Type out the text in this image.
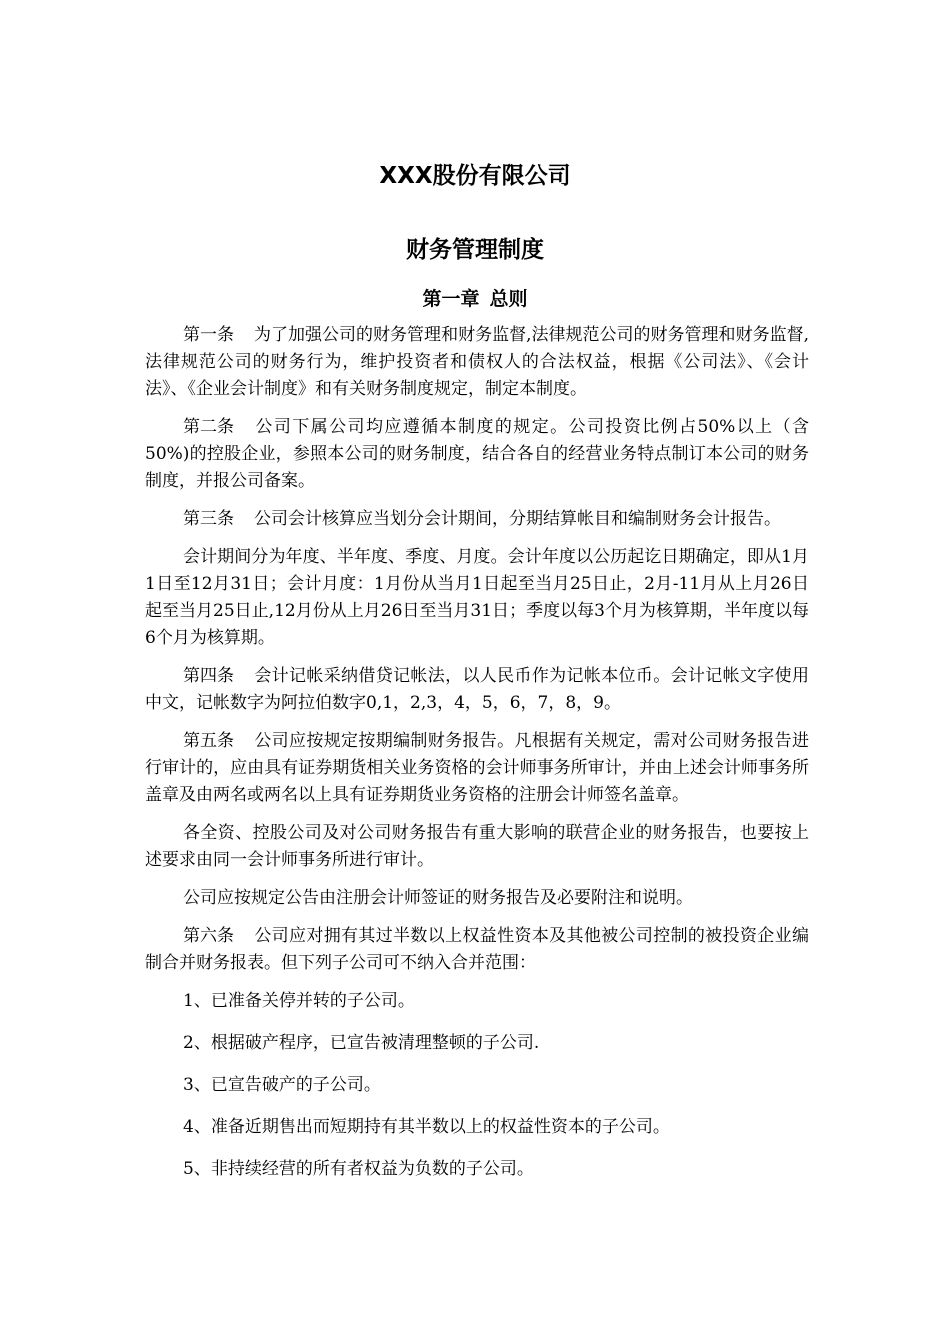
XXX股份有限公司
财务管理制度
第一章 总则

第一条 为了加强公司的财务管理和财务监督,法律规范公司的财务管理和财务监督,法律规范公司的财务行为，维护投资者和债权人的合法权益，根据《公司法》、《会计法》、《企业会计制度》和有关财务制度规定，制定本制度。

第二条 公司下属公司均应遵循本制度的规定。公司投资比例占50%以上（含50%)的控股企业，参照本公司的财务制度，结合各自的经营业务特点制订本公司的财务制度，并报公司备案。

第三条 公司会计核算应当划分会计期间，分期结算帐目和编制财务会计报告。

会计期间分为年度、半年度、季度、月度。会计年度以公历起讫日期确定，即从1月1日至12月31日；会计月度：1月份从当月1日起至当月25日止，2月-11月从上月26日起至当月25日止,12月份从上月26日至当月31日；季度以每3个月为核算期，半年度以每6个月为核算期。

第四条 会计记帐采纳借贷记帐法，以人民币作为记帐本位币。会计记帐文字使用中文，记帐数字为阿拉伯数字0,1，2,3，4，5，6，7，8，9。

第五条 公司应按规定按期编制财务报告。凡根据有关规定，需对公司财务报告进行审计的，应由具有证券期货相关业务资格的会计师事务所审计，并由上述会计师事务所盖章及由两名或两名以上具有证券期货业务资格的注册会计师签名盖章。

各全资、控股公司及对公司财务报告有重大影响的联营企业的财务报告，也要按上述要求由同一会计师事务所进行审计。

公司应按规定公告由注册会计师签证的财务报告及必要附注和说明。

第六条 公司应对拥有其过半数以上权益性资本及其他被公司控制的被投资企业编制合并财务报表。但下列子公司可不纳入合并范围：

1、已准备关停并转的子公司。

2、根据破产程序，已宣告被清理整顿的子公司.

3、已宣告破产的子公司。

4、准备近期售出而短期持有其半数以上的权益性资本的子公司。

5、非持续经营的所有者权益为负数的子公司。
